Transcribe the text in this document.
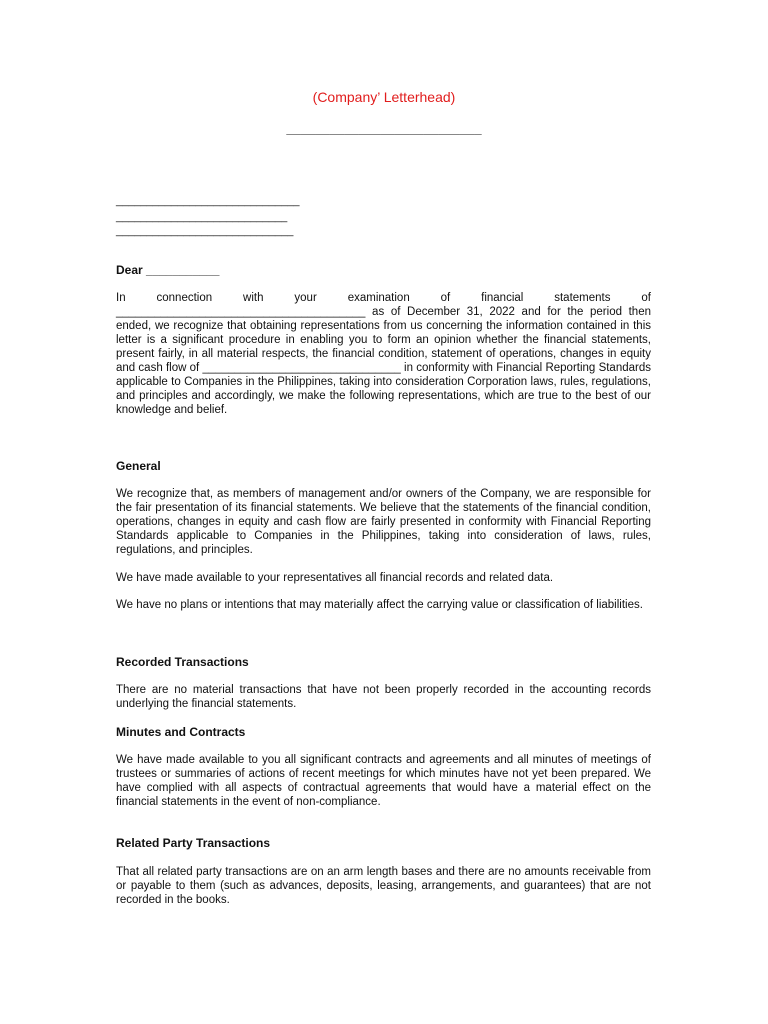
(Company’ Letterhead)
___________________________
______________________________
____________________________
_____________________________
Dear ___________

In connection with your examination of financial statements of _______________________________________ as of December 31, 2022 and for the period then ended, we recognize that obtaining representations from us concerning the information contained in this letter is a significant procedure in enabling you to form an opinion whether the financial statements, present fairly, in all material respects, the financial condition, statement of operations, changes in equity and cash flow of _______________________________ in conformity with Financial Reporting Standards applicable to Companies in the Philippines, taking into consideration Corporation laws, rules, regulations, and principles and accordingly, we make the following representations, which are true to the best of our knowledge and belief.

General

We recognize that, as members of management and/or owners of the Company, we are responsible for the fair presentation of its financial statements. We believe that the statements of the financial condition, operations, changes in equity and cash flow are fairly presented in conformity with Financial Reporting Standards applicable to Companies in the Philippines, taking into consideration of laws, rules, regulations, and principles.

We have made available to your representatives all financial records and related data.

We have no plans or intentions that may materially affect the carrying value or classification of liabilities.

Recorded Transactions

There are no material transactions that have not been properly recorded in the accounting records underlying the financial statements.

Minutes and Contracts

We have made available to you all significant contracts and agreements and all minutes of meetings of trustees or summaries of actions of recent meetings for which minutes have not yet been prepared. We have complied with all aspects of contractual agreements that would have a material effect on the financial statements in the event of non-compliance.

Related Party Transactions

That all related party transactions are on an arm length bases and there are no amounts receivable from or payable to them (such as advances, deposits, leasing, arrangements, and guarantees) that are not recorded in the books.
